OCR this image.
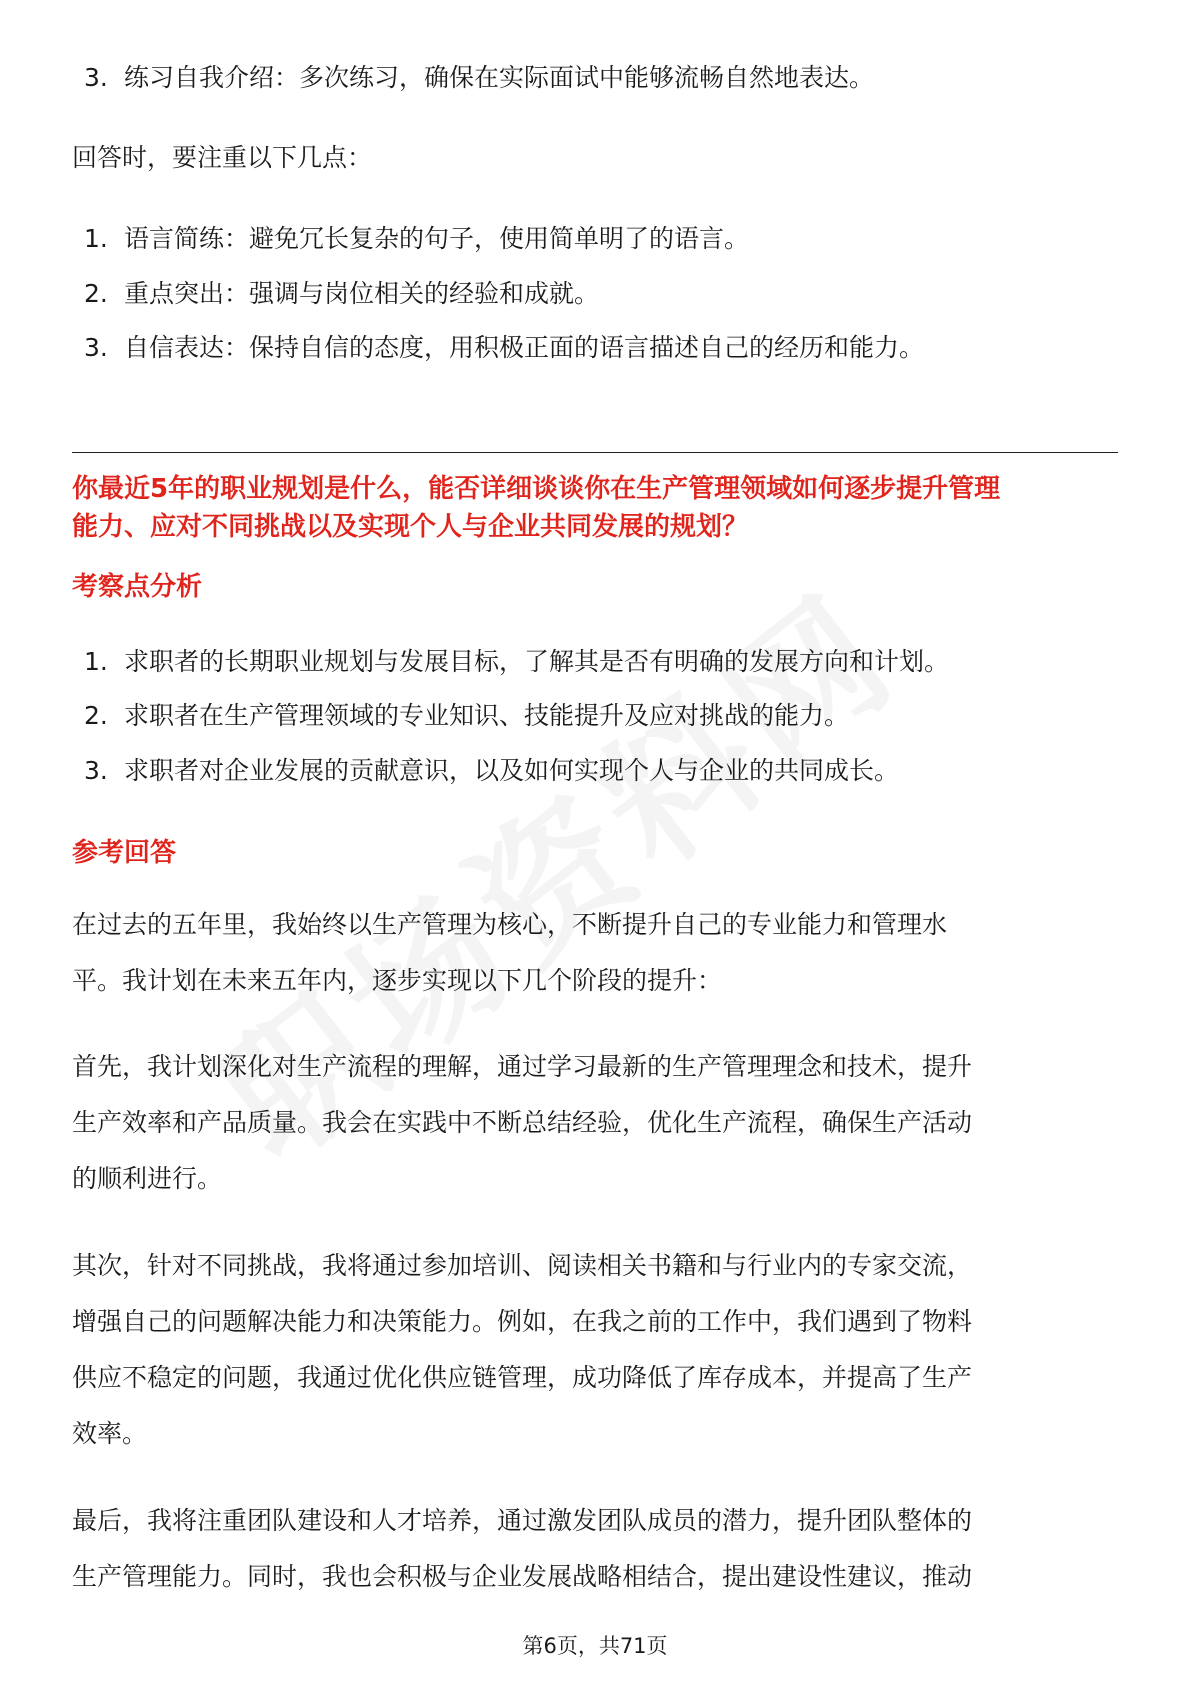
3. 练习自我介绍：多次练习，确保在实际面试中能够流畅自然地表达。
回答时，要注重以下几点：
1. 语言简练：避免冗长复杂的句子，使用简单明了的语言。
2. 重点突出：强调与岗位相关的经验和成就。
3. 自信表达：保持自信的态度，用积极正面的语言描述自己的经历和能力。
你最近5年的职业规划是什么，能否详细谈谈你在生产管理领域如何逐步提升管理
能力、应对不同挑战以及实现个人与企业共同发展的规划？
考察点分析
1. 求职者的长期职业规划与发展目标，了解其是否有明确的发展方向和计划。
2. 求职者在生产管理领域的专业知识、技能提升及应对挑战的能力。
3. 求职者对企业发展的贡献意识，以及如何实现个人与企业的共同成长。
参考回答
在过去的五年里，我始终以生产管理为核心，不断提升自己的专业能力和管理水
平。我计划在未来五年内，逐步实现以下几个阶段的提升：
首先，我计划深化对生产流程的理解，通过学习最新的生产管理理念和技术，提升
生产效率和产品质量。我会在实践中不断总结经验，优化生产流程，确保生产活动
的顺利进行。
其次，针对不同挑战，我将通过参加培训、阅读相关书籍和与行业内的专家交流，
增强自己的问题解决能力和决策能力。例如，在我之前的工作中，我们遇到了物料
供应不稳定的问题，我通过优化供应链管理，成功降低了库存成本，并提高了生产
效率。
最后，我将注重团队建设和人才培养，通过激发团队成员的潜力，提升团队整体的
生产管理能力。同时，我也会积极与企业发展战略相结合，提出建设性建议，推动
第6页，共71页
